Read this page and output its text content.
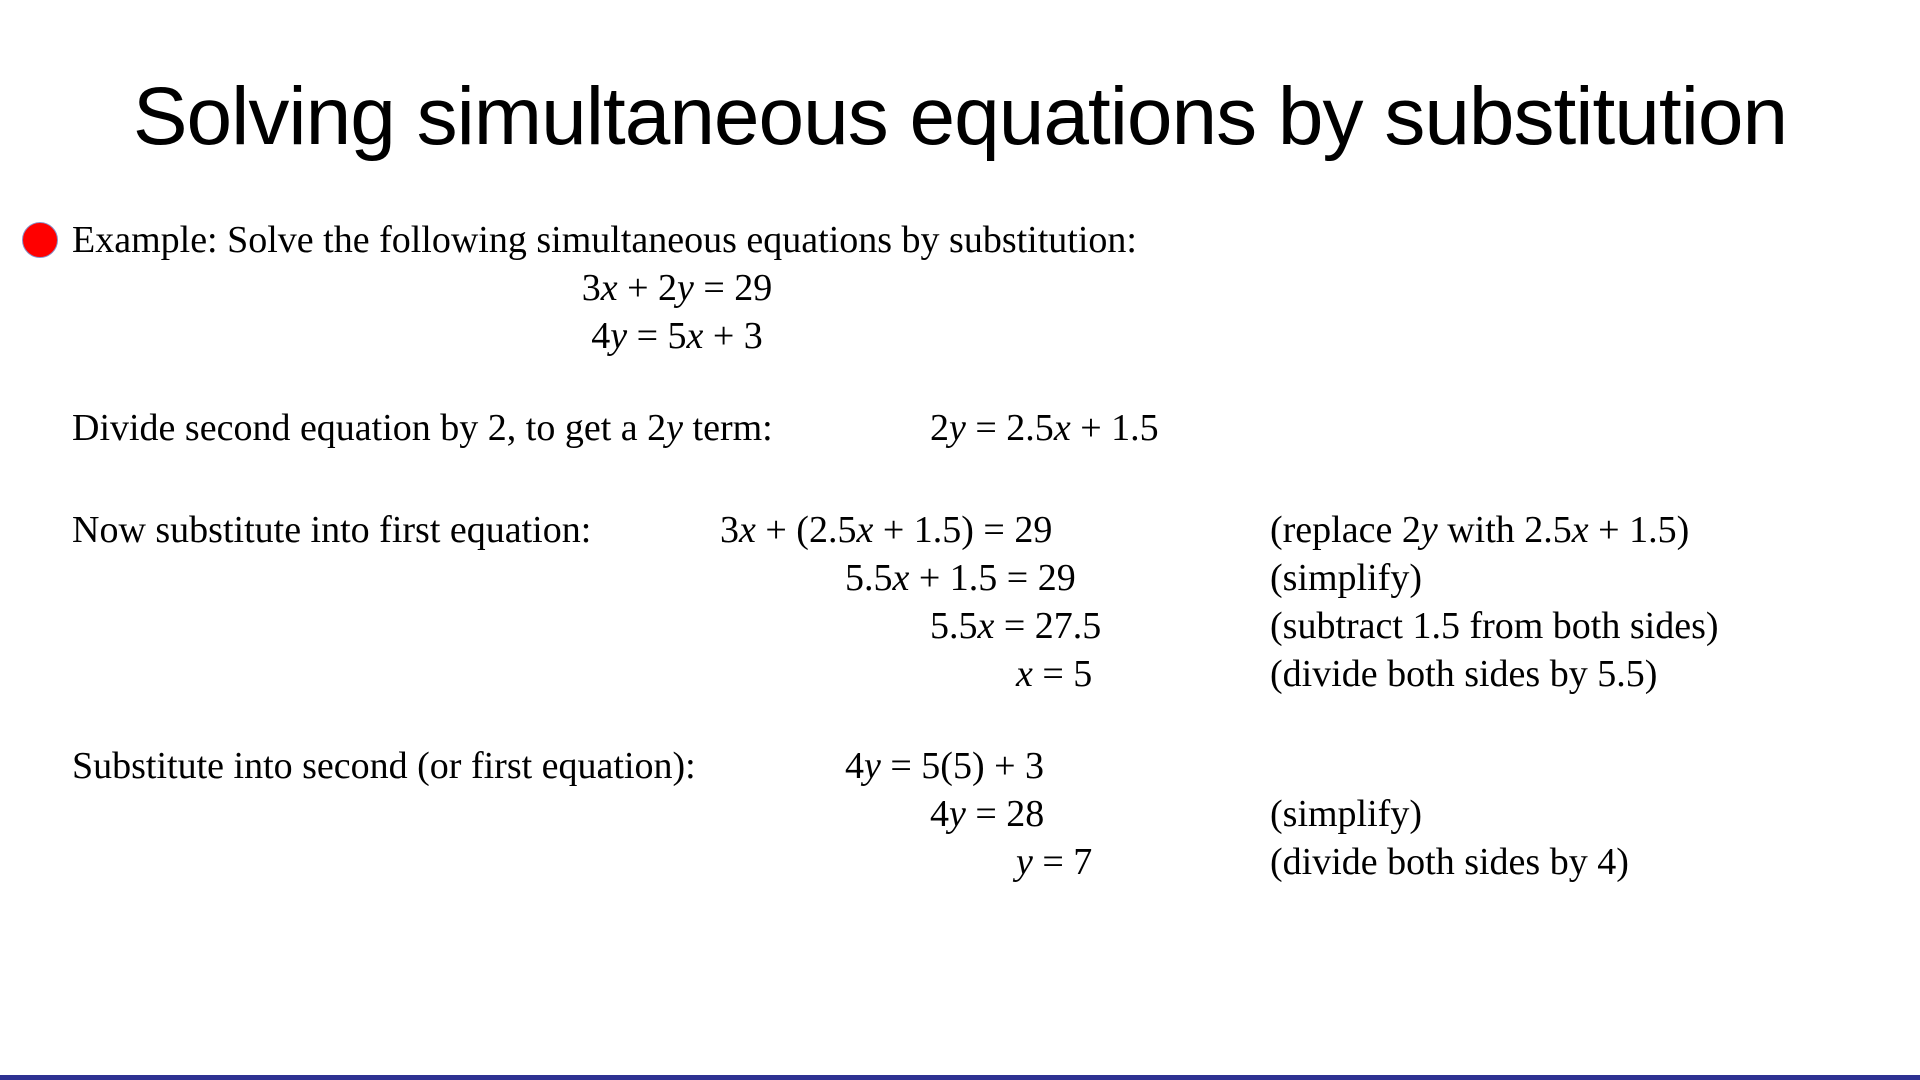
Solving simultaneous equations by substitution
Example: Solve the following simultaneous equations by substitution:
3x + 2y = 29
4y = 5x + 3
Divide second equation by 2, to get a 2y term:	2y = 2.5x + 1.5
Now substitute into first equation:	3x + (2.5x + 1.5) = 29	(replace 2y with 2.5x + 1.5)
5.5x + 1.5 = 29	(simplify)
5.5x = 27.5	(subtract 1.5 from both sides)
x = 5	(divide both sides by 5.5)
Substitute into second (or first equation):	4y = 5(5) + 3
4y = 28	(simplify)
y = 7	(divide both sides by 4)
